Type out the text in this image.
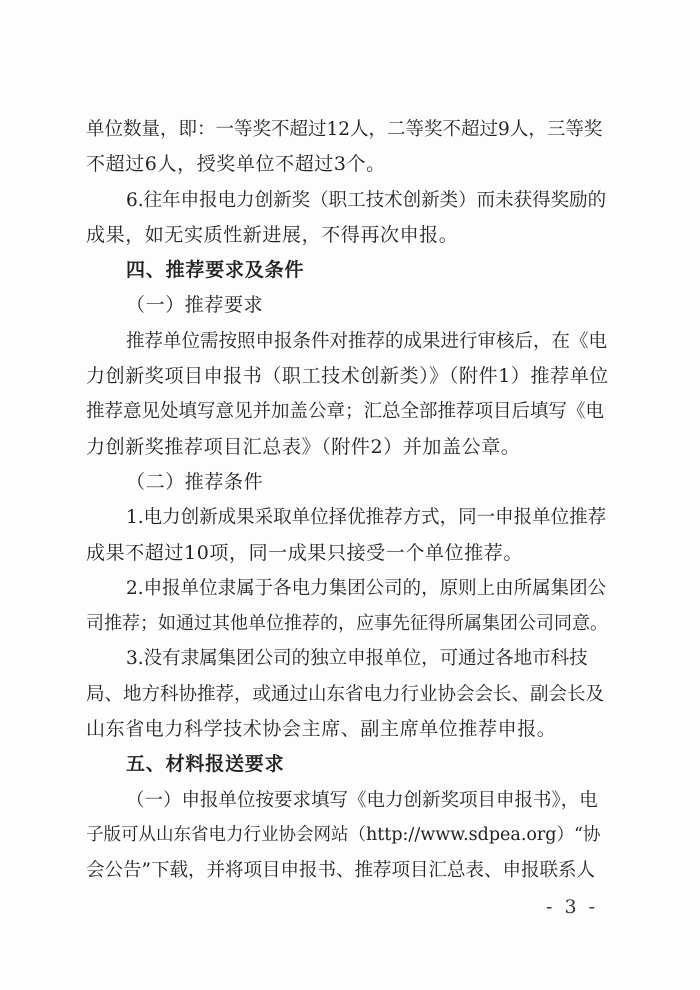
单位数量，即：一等奖不超过12人，二等奖不超过9人，三等奖
不超过6人，授奖单位不超过3个。
6.往年申报电力创新奖（职工技术创新类）而未获得奖励的
成果，如无实质性新进展，不得再次申报。
四、推荐要求及条件
（一）推荐要求
推荐单位需按照申报条件对推荐的成果进行审核后，在《电
力创新奖项目申报书（职工技术创新类）》（附件1）推荐单位
推荐意见处填写意见并加盖公章；汇总全部推荐项目后填写《电
力创新奖推荐项目汇总表》（附件2）并加盖公章。
（二）推荐条件
1.电力创新成果采取单位择优推荐方式，同一申报单位推荐
成果不超过10项，同一成果只接受一个单位推荐。
2.申报单位隶属于各电力集团公司的，原则上由所属集团公
司推荐；如通过其他单位推荐的，应事先征得所属集团公司同意。
3.没有隶属集团公司的独立申报单位，可通过各地市科技
局、地方科协推荐，或通过山东省电力行业协会会长、副会长及
山东省电力科学技术协会主席、副主席单位推荐申报。
五、材料报送要求
（一）申报单位按要求填写《电力创新奖项目申报书》，电
子版可从山东省电力行业协会网站（http://www.sdpea.org）“协
会公告”下载，并将项目申报书、推荐项目汇总表、申报联系人
- 3 -
